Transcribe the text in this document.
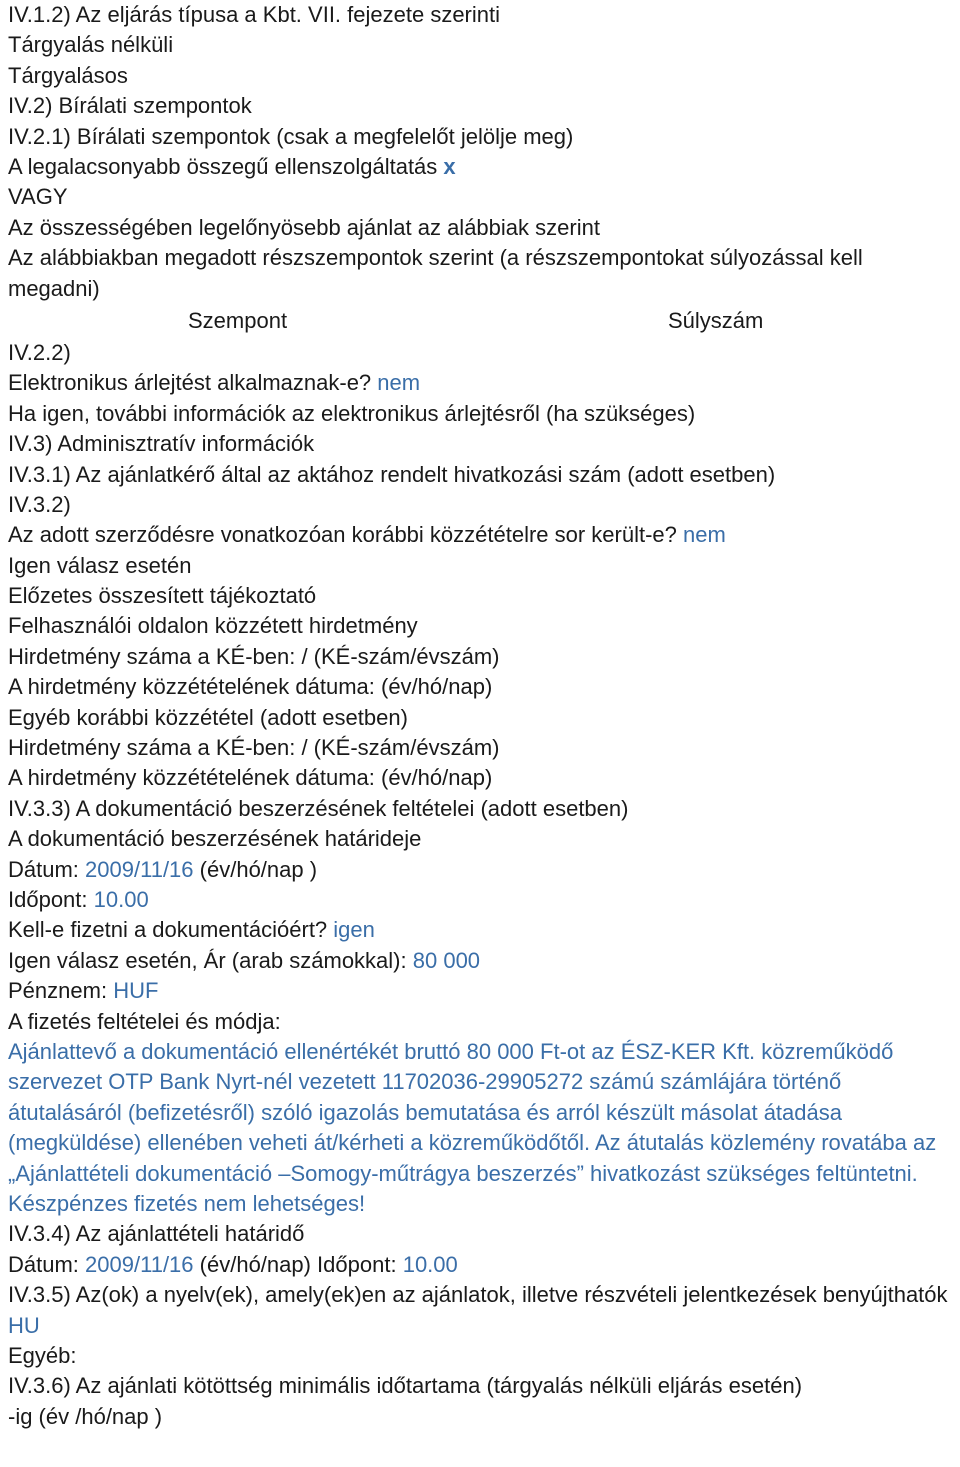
IV.1.2) Az eljárás típusa a Kbt. VII. fejezete szerinti
Tárgyalás nélküli
Tárgyalásos
IV.2) Bírálati szempontok
IV.2.1) Bírálati szempontok (csak a megfelelőt jelölje meg)
A legalacsonyabb összegű ellenszolgáltatás x
VAGY
Az összességében legelőnyösebb ajánlat az alábbiak szerint
Az alábbiakban megadott részszempontok szerint (a részszempontokat súlyozással kell megadni)
Szempont	Súlyszám
IV.2.2)
Elektronikus árlejtést alkalmaznak-e? nem
Ha igen, további információk az elektronikus árlejtésről (ha szükséges)
IV.3) Adminisztratív információk
IV.3.1) Az ajánlatkérő által az aktához rendelt hivatkozási szám (adott esetben)
IV.3.2)
Az adott szerződésre vonatkozóan korábbi közzétételre sor került-e? nem
Igen válasz esetén
Előzetes összesített tájékoztató
Felhasználói oldalon közzétett hirdetmény
Hirdetmény száma a KÉ-ben: / (KÉ-szám/évszám)
A hirdetmény közzétételének dátuma: (év/hó/nap)
Egyéb korábbi közzététel (adott esetben)
Hirdetmény száma a KÉ-ben: / (KÉ-szám/évszám)
A hirdetmény közzétételének dátuma: (év/hó/nap)
IV.3.3) A dokumentáció beszerzésének feltételei (adott esetben)
A dokumentáció beszerzésének határideje
Dátum: 2009/11/16 (év/hó/nap )
Időpont: 10.00
Kell-e fizetni a dokumentációért? igen
Igen válasz esetén, Ár (arab számokkal): 80 000
Pénznem: HUF
A fizetés feltételei és módja:
Ajánlattevő a dokumentáció ellenértékét bruttó 80 000 Ft-ot az ÉSZ-KER Kft. közreműködő szervezet OTP Bank Nyrt-nél vezetett 11702036-29905272 számú számlájára történő átutalásáról (befizetésről) szóló igazolás bemutatása és arról készült másolat átadása (megküldése) ellenében veheti át/kérheti a közreműködőtől. Az átutalás közlemény rovatába az „Ajánlattételi dokumentáció –Somogy-műtrágya beszerzés” hivatkozást szükséges feltüntetni. Készpénzes fizetés nem lehetséges!
IV.3.4) Az ajánlattételi határidő
Dátum: 2009/11/16 (év/hó/nap) Időpont: 10.00
IV.3.5) Az(ok) a nyelv(ek), amely(ek)en az ajánlatok, illetve részvételi jelentkezések benyújthatók
HU
Egyéb:
IV.3.6) Az ajánlati kötöttség minimális időtartama (tárgyalás nélküli eljárás esetén)
-ig (év /hó/nap )
